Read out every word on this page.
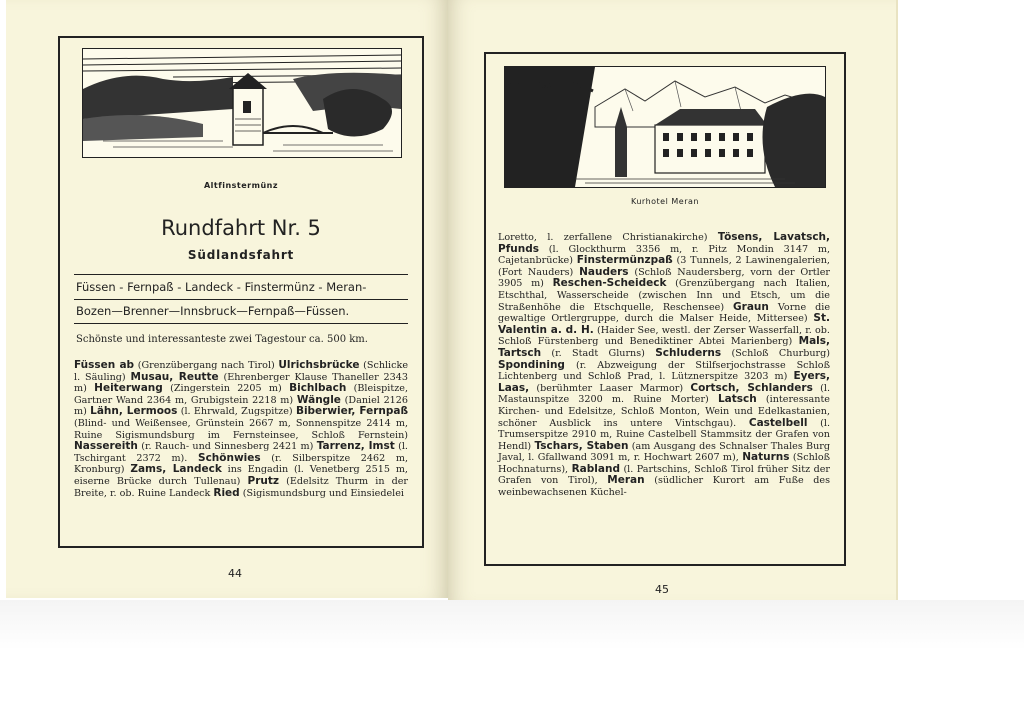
Altfinstermünz
Rundfahrt Nr. 5
Südlandsfahrt
Füssen - Fernpaß - Landeck - Finstermünz - Meran-
Bozen—Brenner—Innsbruck—Fernpaß—Füssen.
Schönste und interessanteste zwei Tagestour ca. 500 km.
Füssen ab (Grenzübergang nach Tirol) Ulrichsbrücke (Schlicke l. Säuling) Musau, Reutte (Ehrenberger Klause Thaneller 2343 m) Heiterwang (Zingerstein 2205 m) Bichlbach (Bleispitze, Gartner Wand 2364 m, Grubigstein 2218 m) Wängle (Daniel 2126 m) Lähn, Lermoos (l. Ehrwald, Zugspitze) Biberwier, Fernpaß (Blind- und Weißensee, Grünstein 2667 m, Sonnenspitze 2414 m, Ruine Sigismundsburg im Fernsteinsee, Schloß Fernstein) Nassereith (r. Rauch- und Sinnesberg 2421 m) Tarrenz, Imst (l. Tschirgant 2372 m). Schönwies (r. Silberspitze 2462 m, Kronburg) Zams, Landeck ins Engadin (l. Venetberg 2515 m, eiserne Brücke durch Tullenau) Prutz (Edelsitz Thurm in der Breite, r. ob. Ruine Landeck Ried (Sigismundsburg und Einsiedelei
44
Kurhotel Meran
Loretto, l. zerfallene Christianakirche) Tösens, Lavatsch, Pfunds (l. Glockthurm 3356 m, r. Pitz Mondin 3147 m, Cajetanbrücke) Finstermünzpaß (3 Tunnels, 2 Lawinengalerien, (Fort Nauders) Nauders (Schloß Naudersberg, vorn der Ortler 3905 m) Reschen-Scheideck (Grenzübergang nach Italien, Etschthal, Wasserscheide (zwischen Inn und Etsch, um die Straßenhöhe die Etschquelle, Reschensee) Graun Vorne die gewaltige Ortlergruppe, durch die Malser Heide, Mittersee) St. Valentin a. d. H. (Haider See, westl. der Zerser Wasserfall, r. ob. Schloß Fürstenberg und Benediktiner Abtei Marienberg) Mals, Tartsch (r. Stadt Glurns) Schluderns (Schloß Churburg) Spondining (r. Abzweigung der Stilfserjochstrasse Schloß Lichtenberg und Schloß Prad, l. Lütznerspitze 3203 m) Eyers, Laas, (berühmter Laaser Marmor) Cortsch, Schlanders (l. Mastaunspitze 3200 m. Ruine Morter) Latsch (interessante Kirchen- und Edelsitze, Schloß Monton, Wein und Edelkastanien, schöner Ausblick ins untere Vintschgau). Castelbell (l. Trumserspitze 2910 m, Ruine Castelbell Stammsitz der Grafen von Hendl) Tschars, Staben (am Ausgang des Schnalser Thales Burg Javal, l. Gfallwand 3091 m, r. Hochwart 2607 m), Naturns (Schloß Hochnaturns), Rabland (l. Partschins, Schloß Tirol früher Sitz der Grafen von Tirol), Meran (südlicher Kurort am Fuße des weinbewachsenen Küchel-
45
